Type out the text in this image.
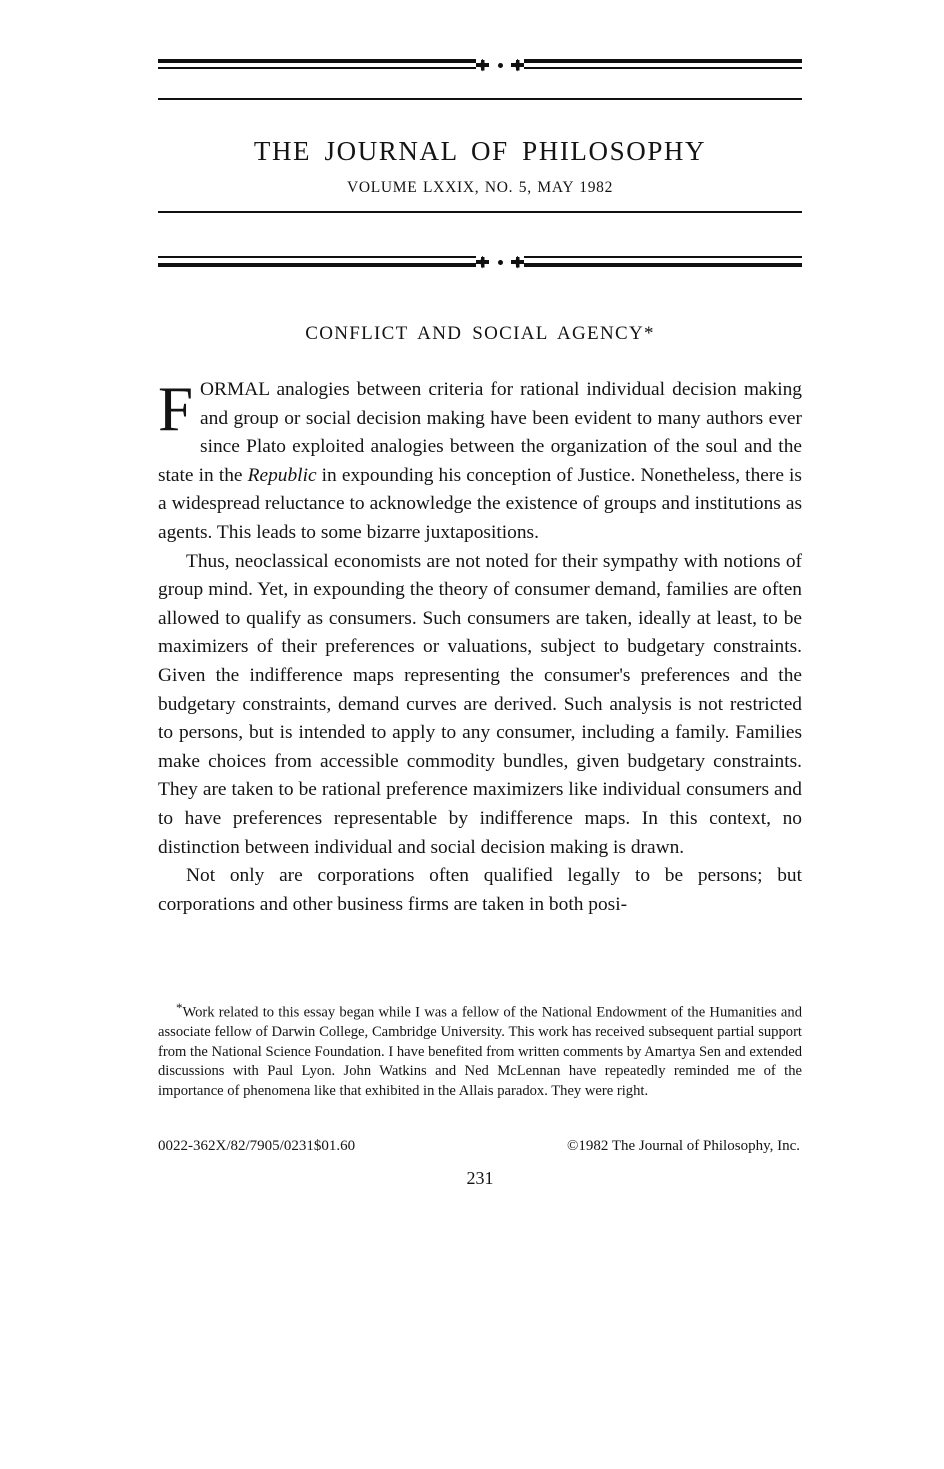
THE JOURNAL OF PHILOSOPHY
VOLUME LXXIX, NO. 5, MAY 1982
CONFLICT AND SOCIAL AGENCY*

FORMAL analogies between criteria for rational individual decision making and group or social decision making have been evident to many authors ever since Plato exploited analogies between the organization of the soul and the state in the Republic in expounding his conception of Justice. Nonetheless, there is a widespread reluctance to acknowledge the existence of groups and institutions as agents. This leads to some bizarre juxtapositions.

Thus, neoclassical economists are not noted for their sympathy with notions of group mind. Yet, in expounding the theory of consumer demand, families are often allowed to qualify as consumers. Such consumers are taken, ideally at least, to be maximizers of their preferences or valuations, subject to budgetary constraints. Given the indifference maps representing the consumer's preferences and the budgetary constraints, demand curves are derived. Such analysis is not restricted to persons, but is intended to apply to any consumer, including a family. Families make choices from accessible commodity bundles, given budgetary constraints. They are taken to be rational preference maximizers like individual consumers and to have preferences representable by indifference maps. In this context, no distinction between individual and social decision making is drawn.

Not only are corporations often qualified legally to be persons; but corporations and other business firms are taken in both posi-

*Work related to this essay began while I was a fellow of the National Endowment of the Humanities and associate fellow of Darwin College, Cambridge University. This work has received subsequent partial support from the National Science Foundation. I have benefited from written comments by Amartya Sen and extended discussions with Paul Lyon. John Watkins and Ned McLennan have repeatedly reminded me of the importance of phenomena like that exhibited in the Allais paradox. They were right.

0022-362X/82/7905/0231$01.60	©1982 The Journal of Philosophy, Inc.
231
